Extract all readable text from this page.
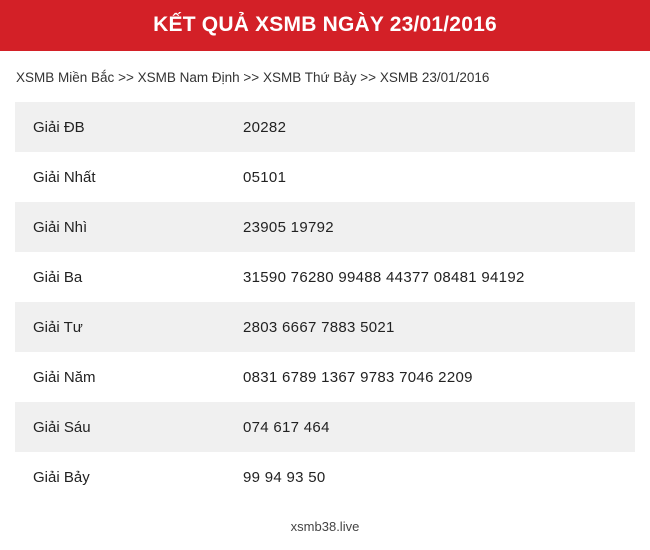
KẾT QUẢ XSMB NGÀY 23/01/2016
XSMB Miền Bắc >> XSMB Nam Định >> XSMB Thứ Bảy >> XSMB 23/01/2016
Giải ĐB	20282
Giải Nhất	05101
Giải Nhì	23905 19792
Giải Ba	31590 76280 99488 44377 08481 94192
Giải Tư	2803 6667 7883 5021
Giải Năm	0831 6789 1367 9783 7046 2209
Giải Sáu	074 617 464
Giải Bảy	99 94 93 50
xsmb38.live
